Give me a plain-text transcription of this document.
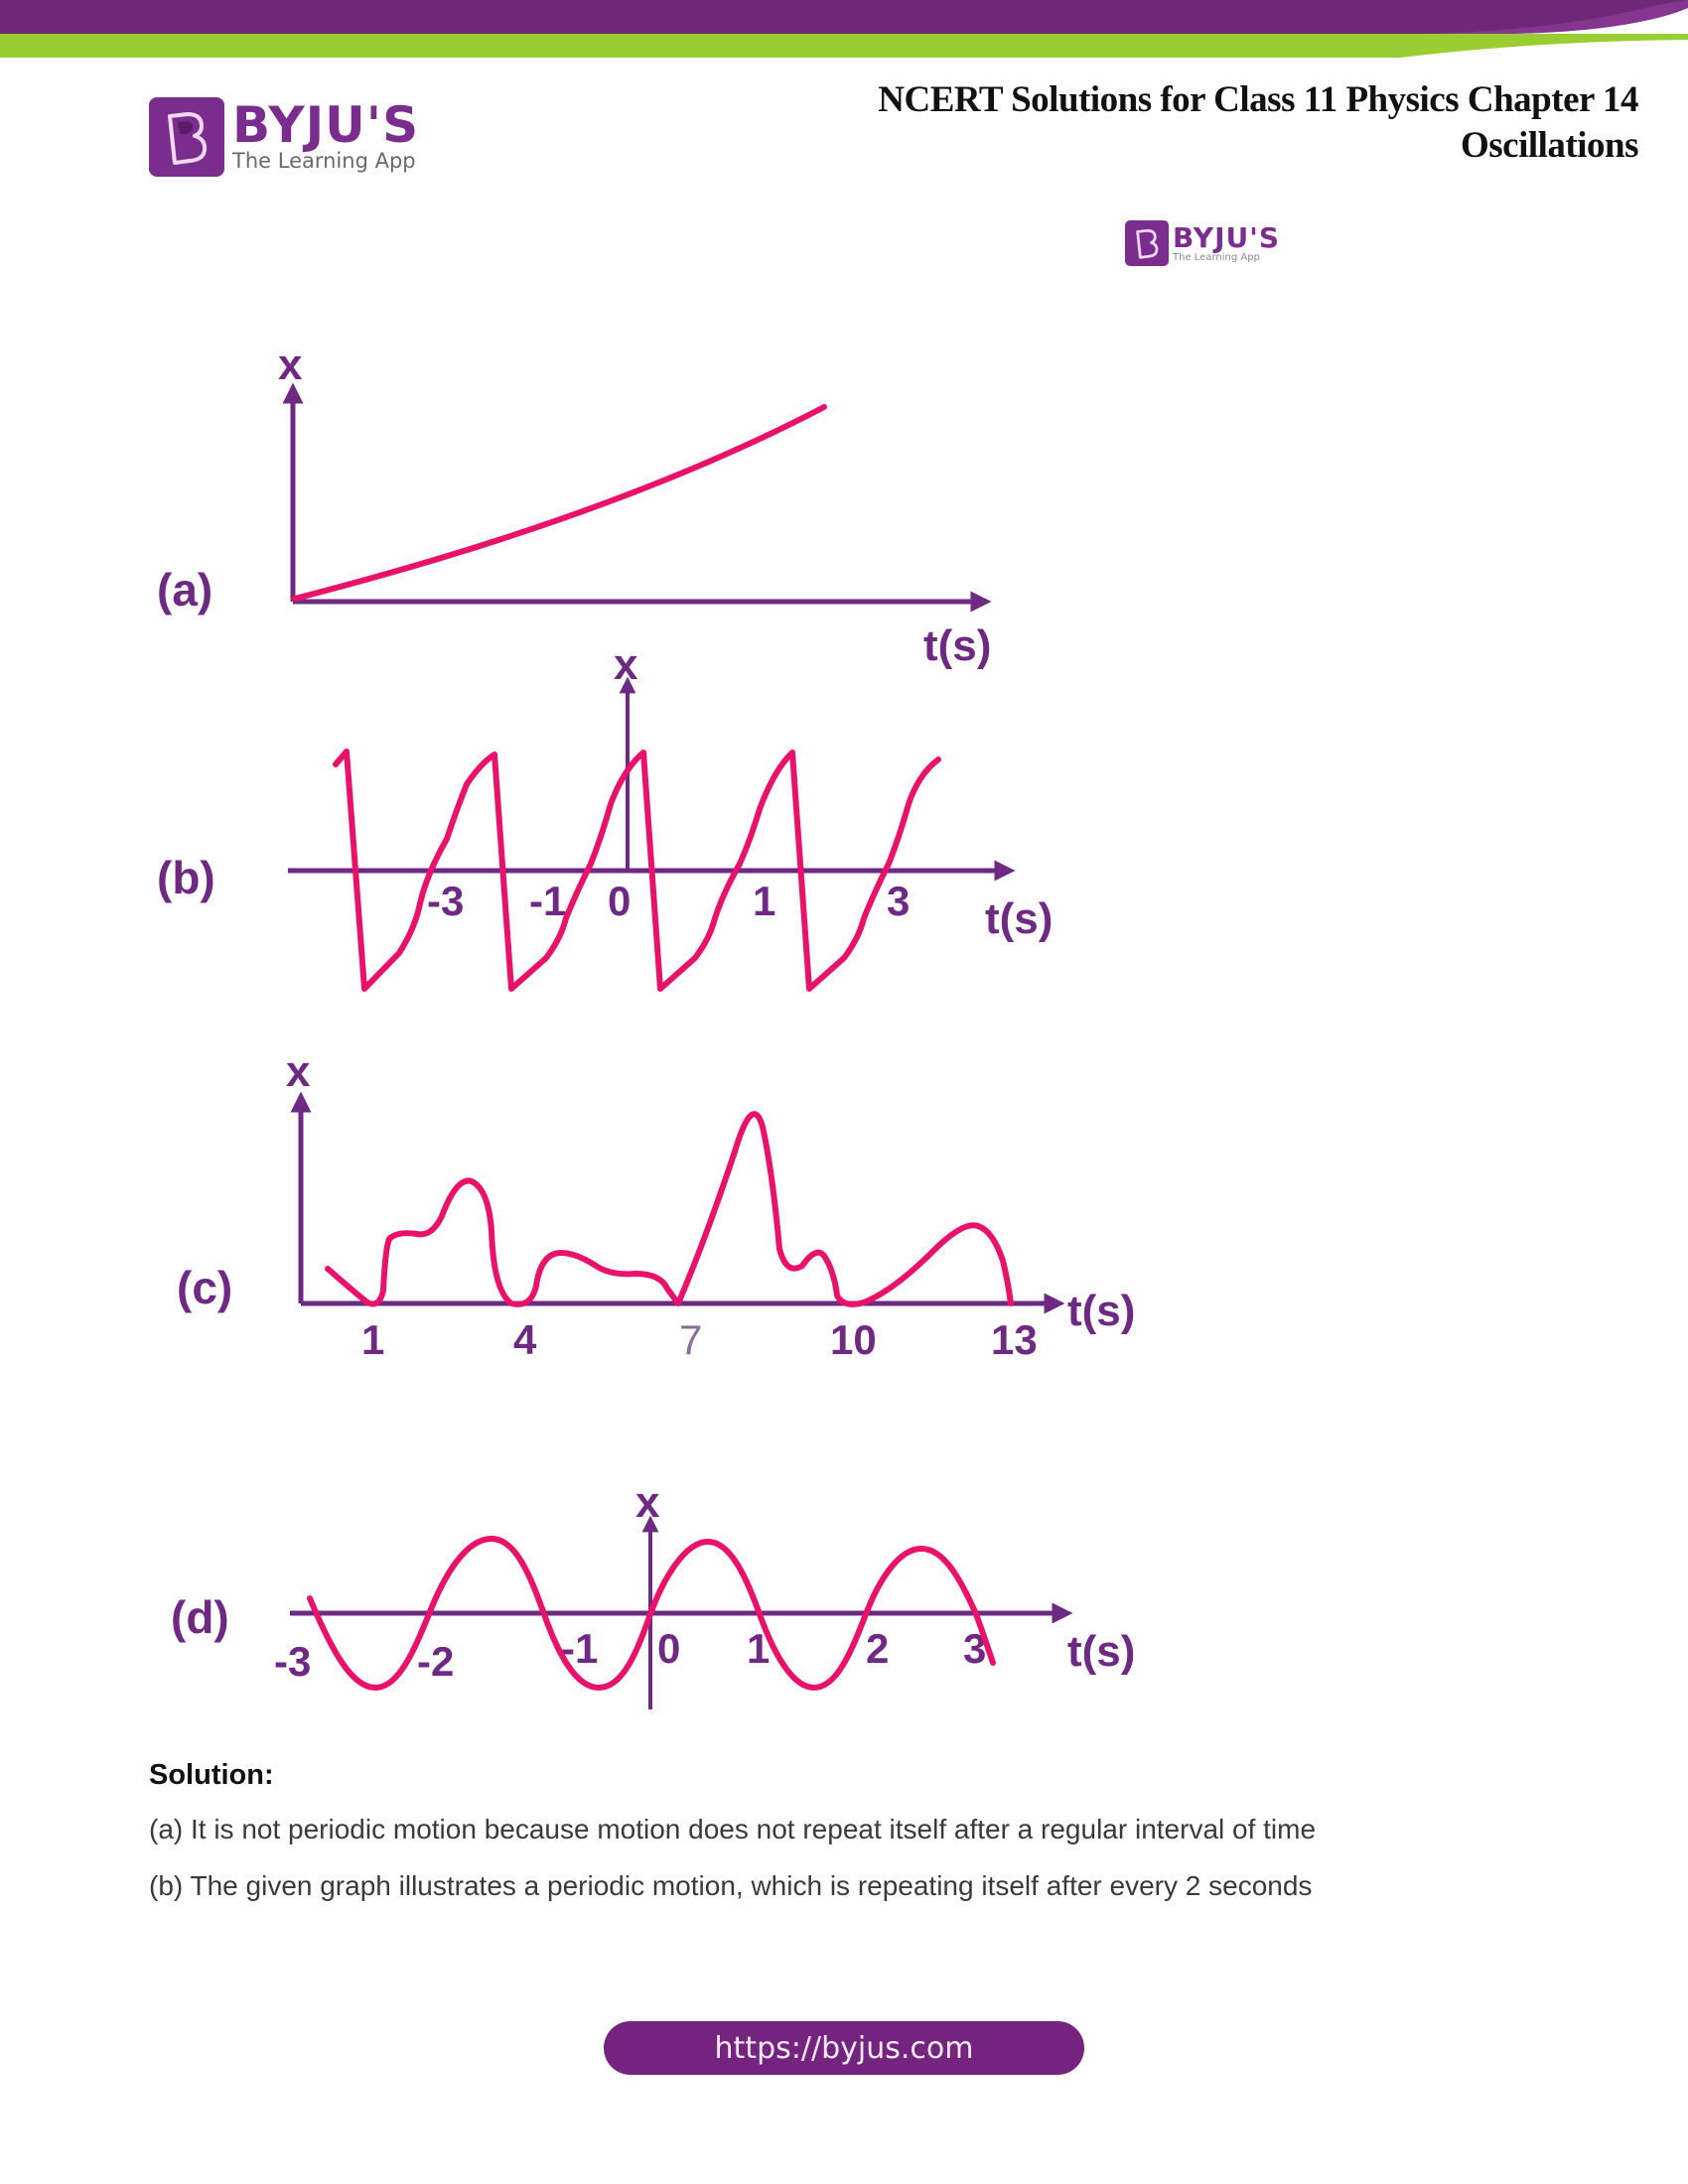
BYJU'S
The Learning App
NCERT Solutions for Class 11 Physics Chapter 14
Oscillations
BYJU'S
The Learning App
(a)
x
t(s)
(b)
x
t(s)
-3 -1 0	1	3
(c)
x
t(s)
1	4	7	10	13
(d)
x
t(s)
-3	-2	-1 0 1 2 3

Solution:

(a) It is not periodic motion because motion does not repeat itself after a regular interval of time

(b) The given graph illustrates a periodic motion, which is repeating itself after every 2 seconds

https://byjus.com
